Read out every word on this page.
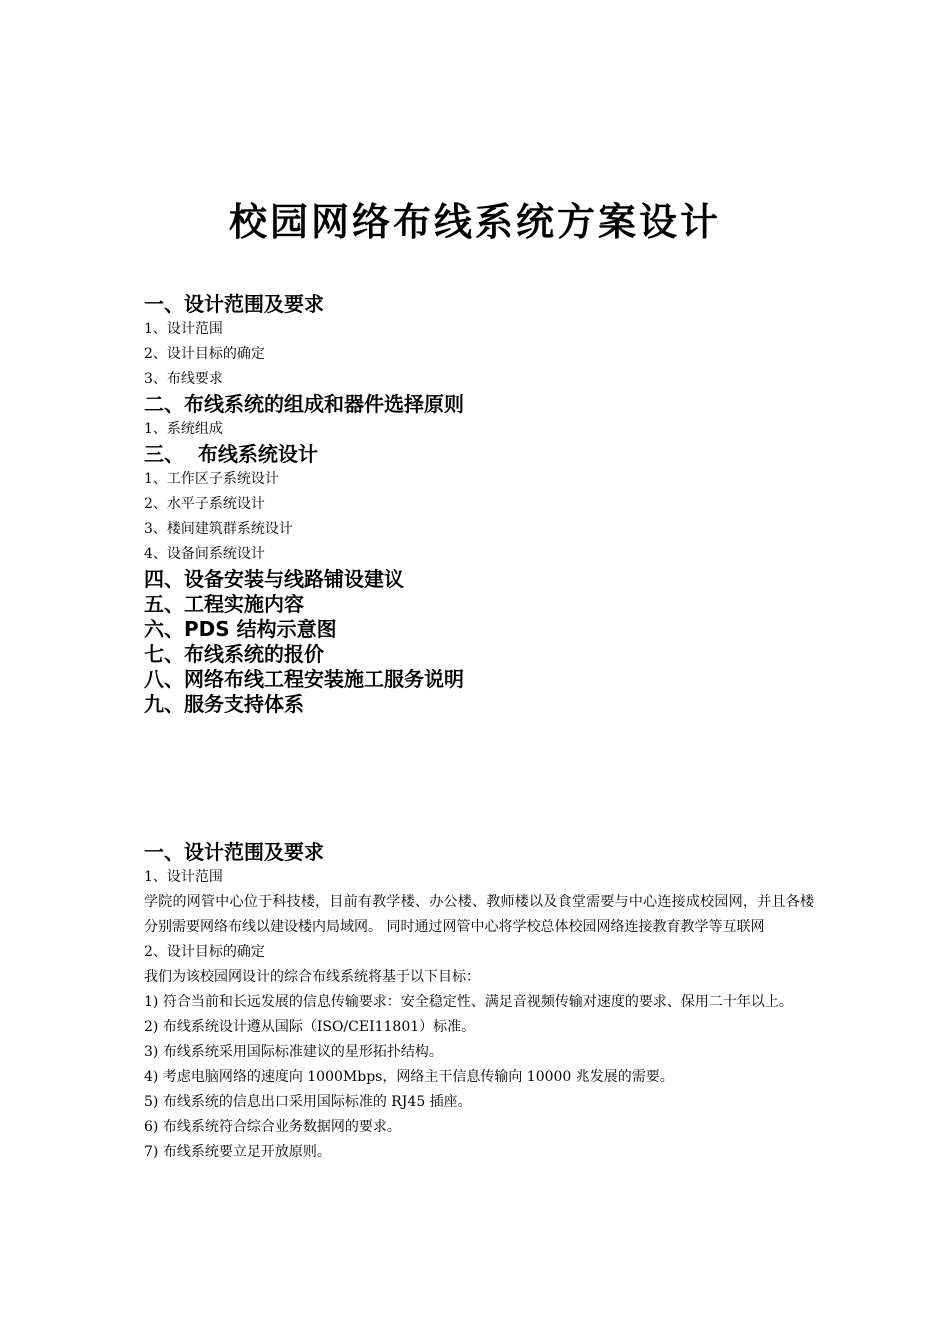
校园网络布线系统方案设计
一、设计范围及要求
1、设计范围
2、设计目标的确定
3、布线要求
二、布线系统的组成和器件选择原则
1、系统组成
三、  布线系统设计
1、工作区子系统设计
2、水平子系统设计
3、楼间建筑群系统设计
4、设备间系统设计
四、设备安装与线路铺设建议
五、工程实施内容
六、PDS 结构示意图
七、布线系统的报价
八、网络布线工程安装施工服务说明
九、服务支持体系
一、设计范围及要求
1、设计范围
学院的网管中心位于科技楼，目前有教学楼、办公楼、教师楼以及食堂需要与中心连接成校园网，并且各楼分别需要网络布线以建设楼内局域网。 同时通过网管中心将学校总体校园网络连接教育教学等互联网
2、设计目标的确定
我们为该校园网设计的综合布线系统将基于以下目标：
1) 符合当前和长远发展的信息传输要求：安全稳定性、满足音视频传输对速度的要求、保用二十年以上。
2) 布线系统设计遵从国际（ISO/CEI11801）标准。
3) 布线系统采用国际标准建议的星形拓扑结构。
4) 考虑电脑网络的速度向 1000Mbps，网络主干信息传输向 10000 兆发展的需要。
5) 布线系统的信息出口采用国际标准的 RJ45 插座。
6) 布线系统符合综合业务数据网的要求。
7) 布线系统要立足开放原则。
